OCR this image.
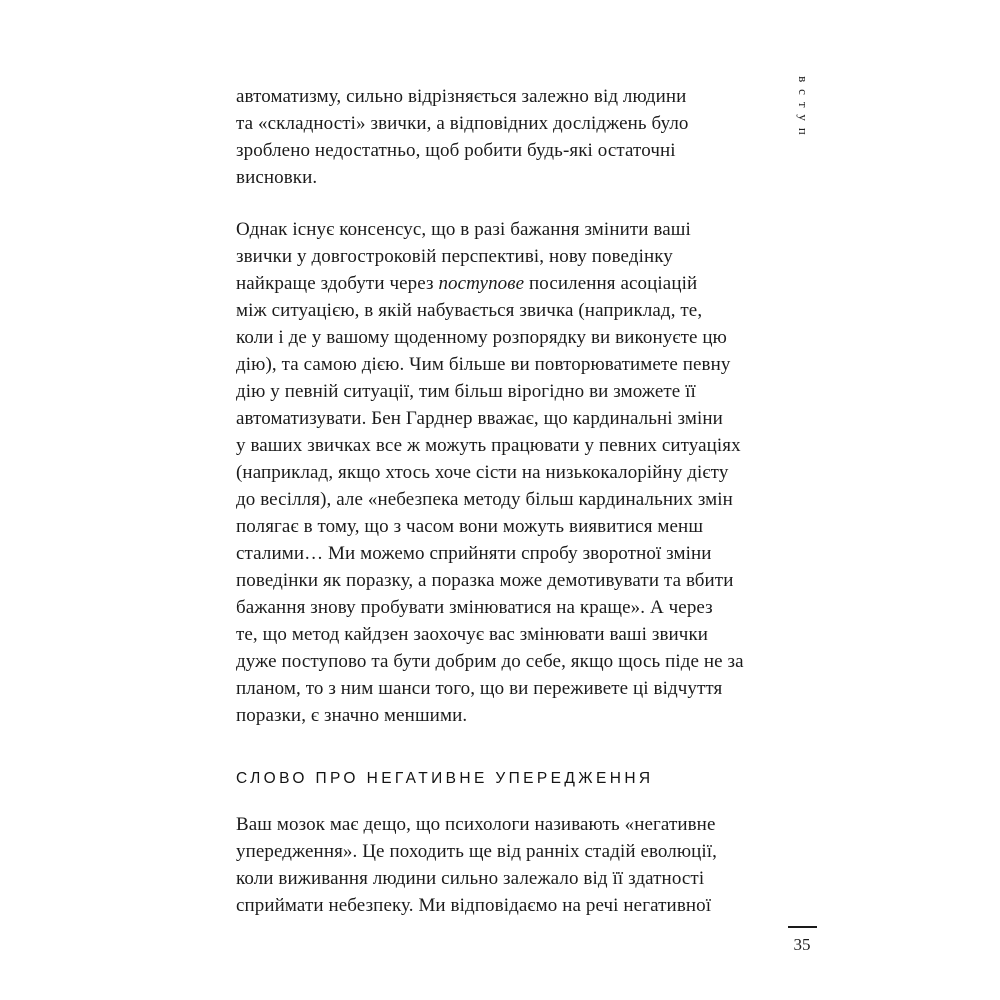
вступ
автоматизму, сильно відрізняється залежно від людини
та «складності» звички, а відповідних досліджень було
зроблено недостатньо, щоб робити будь-які остаточні
висновки.
Однак існує консенсус, що в разі бажання змінити ваші
звички у довгостроковій перспективі, нову поведінку
найкраще здобути через поступове посилення асоціацій
між ситуацією, в якій набувається звичка (наприклад, те,
коли і де у вашому щоденному розпорядку ви виконуєте цю
дію), та самою дією. Чим більше ви повторюватимете певну
дію у певній ситуації, тим більш вірогідно ви зможете її
автоматизувати. Бен Гарднер вважає, що кардинальні зміни
у ваших звичках все ж можуть працювати у певних ситуаціях
(наприклад, якщо хтось хоче сісти на низькокалорійну дієту
до весілля), але «небезпека методу більш кардинальних змін
полягає в тому, що з часом вони можуть виявитися менш
сталими… Ми можемо сприйняти спробу зворотної зміни
поведінки як поразку, а поразка може демотивувати та вбити
бажання знову пробувати змінюватися на краще». А через
те, що метод кайдзен заохочує вас змінювати ваші звички
дуже поступово та бути добрим до себе, якщо щось піде не за
планом, то з ним шанси того, що ви переживете ці відчуття
поразки, є значно меншими.
СЛОВО ПРО НЕГАТИВНЕ УПЕРЕДЖЕННЯ
Ваш мозок має дещо, що психологи називають «негативне
упередження». Це походить ще від ранніх стадій еволюції,
коли виживання людини сильно залежало від її здатності
сприймати небезпеку. Ми відповідаємо на речі негативної
35
